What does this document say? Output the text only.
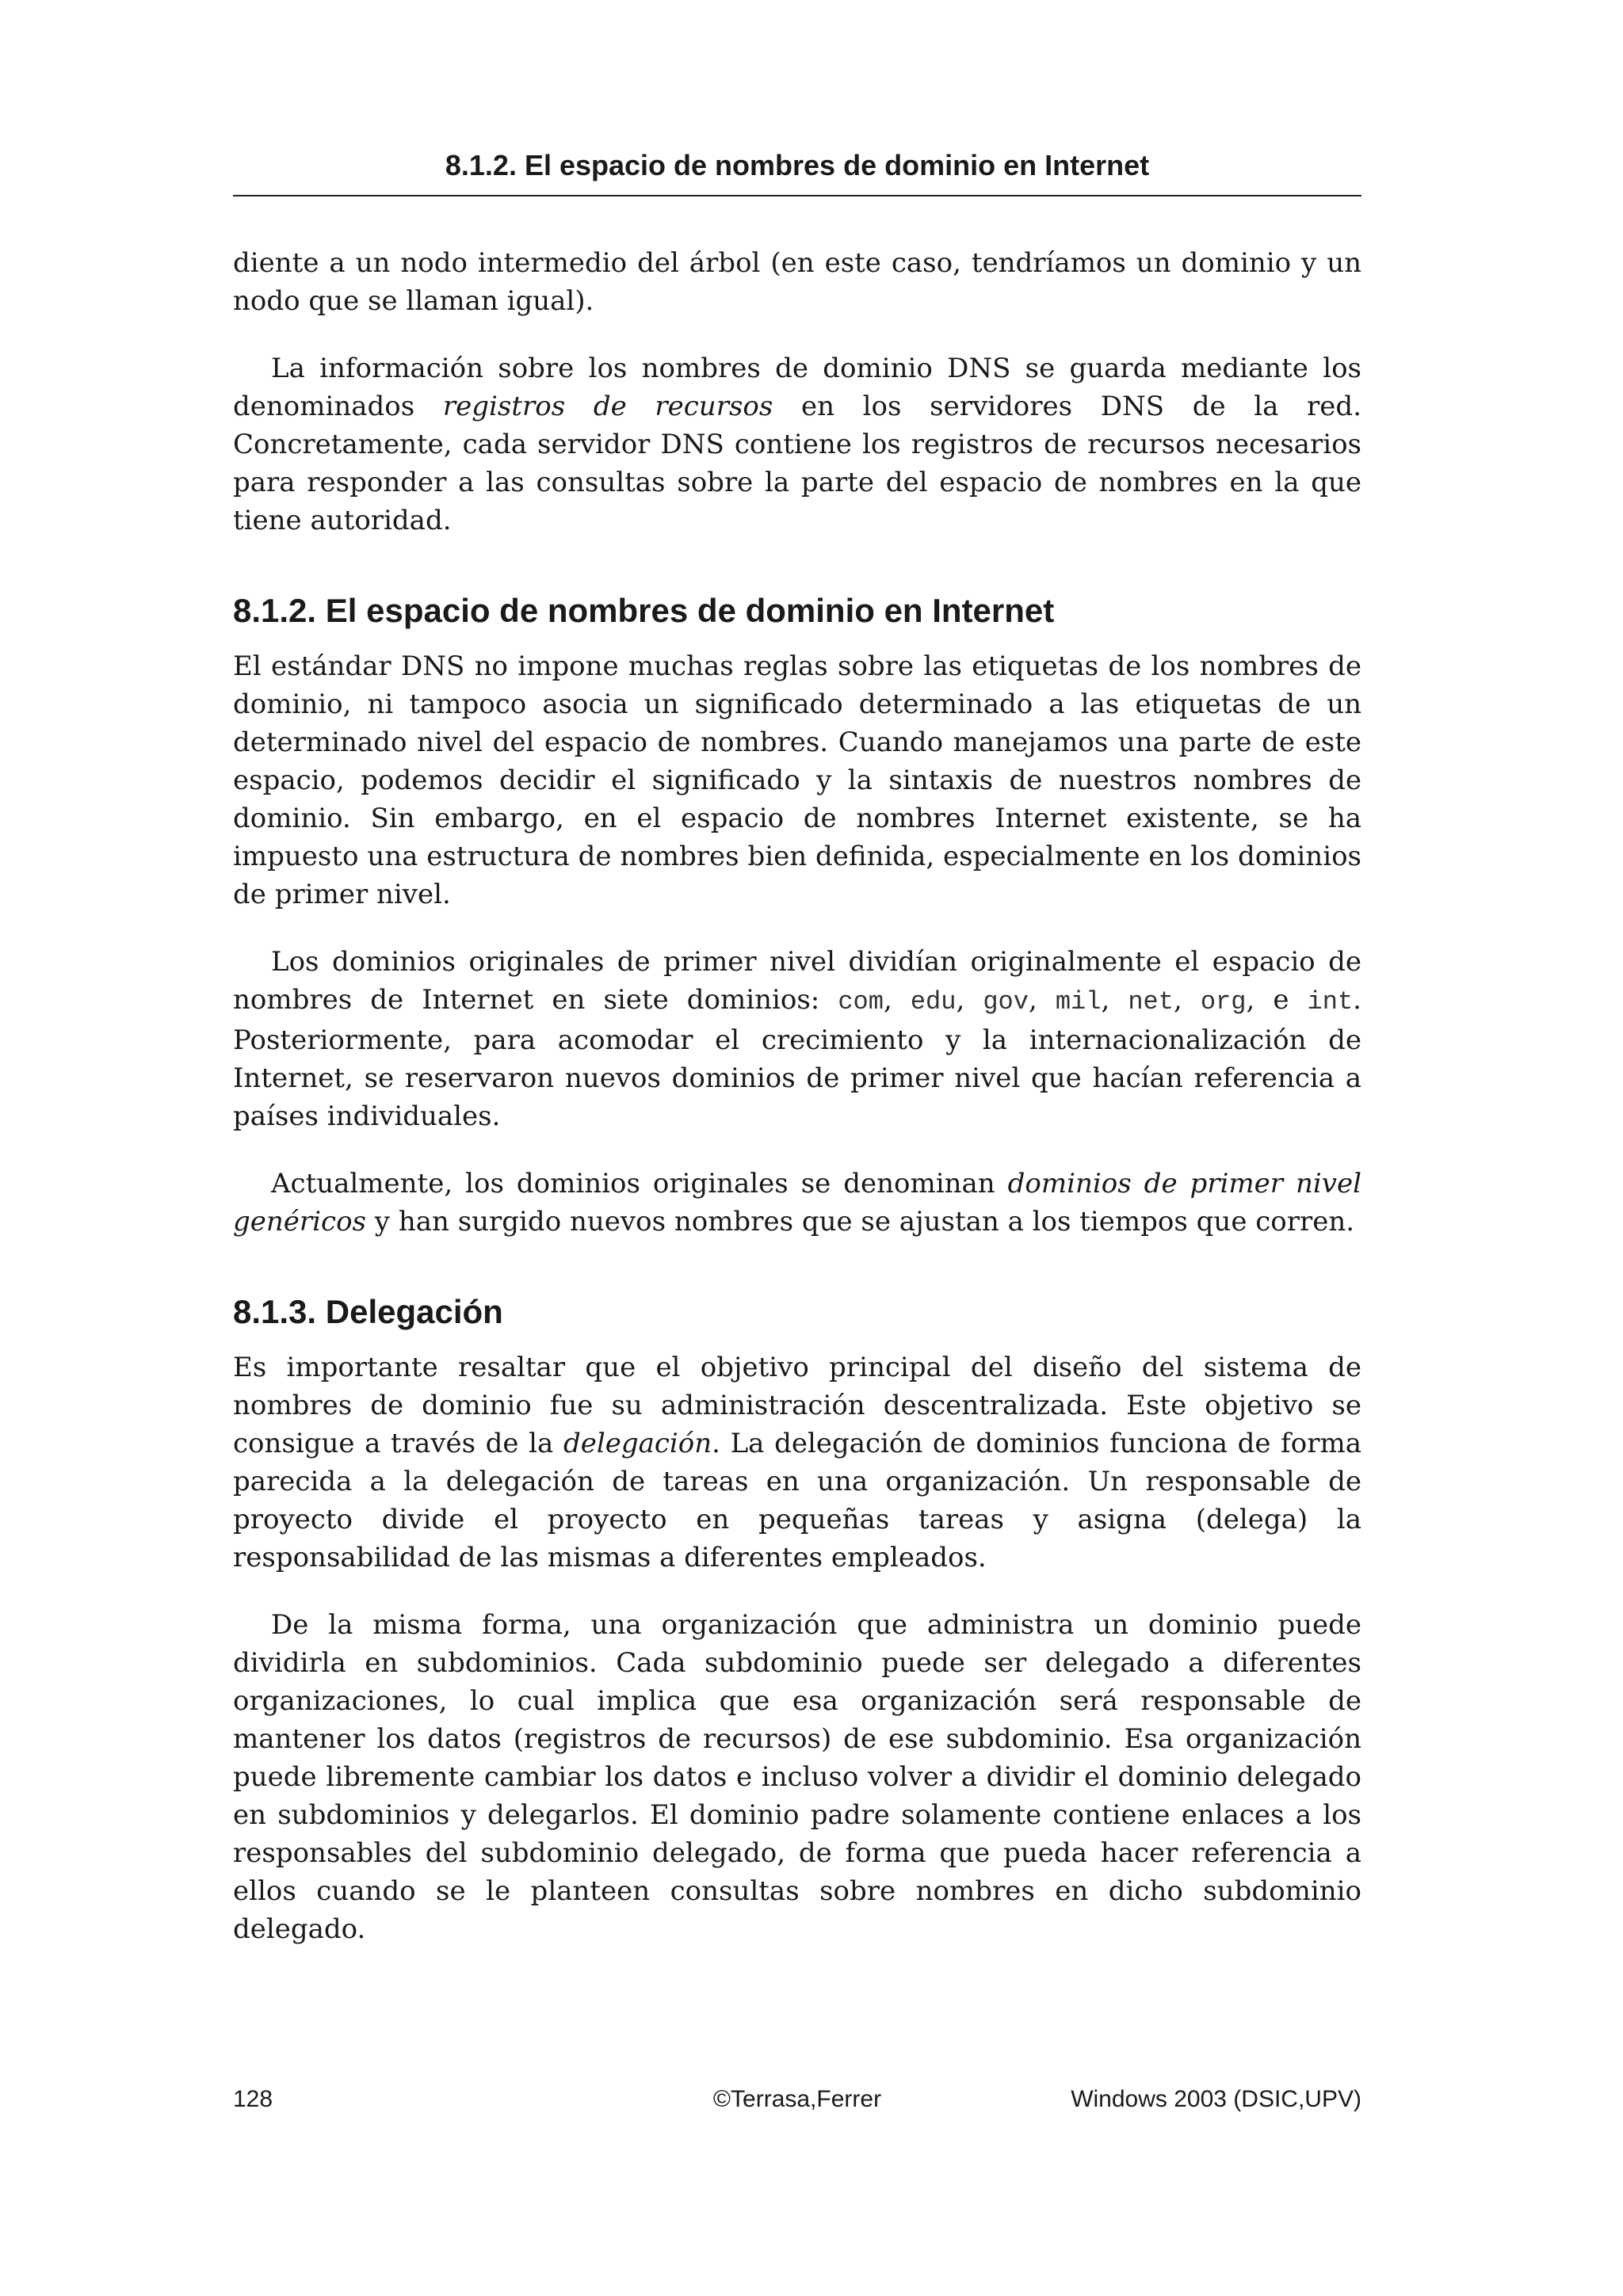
8.1.2. El espacio de nombres de dominio en Internet

diente a un nodo intermedio del árbol (en este caso, tendríamos un dominio y un nodo que se llaman igual).

La información sobre los nombres de dominio DNS se guarda mediante los denominados registros de recursos en los servidores DNS de la red. Concretamente, cada servidor DNS contiene los registros de recursos necesarios para responder a las consultas sobre la parte del espacio de nombres en la que tiene autoridad.

8.1.2. El espacio de nombres de dominio en Internet

El estándar DNS no impone muchas reglas sobre las etiquetas de los nombres de dominio, ni tampoco asocia un significado determinado a las etiquetas de un determinado nivel del espacio de nombres. Cuando manejamos una parte de este espacio, podemos decidir el significado y la sintaxis de nuestros nombres de dominio. Sin embargo, en el espacio de nombres Internet existente, se ha impuesto una estructura de nombres bien definida, especialmente en los dominios de primer nivel.

Los dominios originales de primer nivel dividían originalmente el espacio de nombres de Internet en siete dominios: com, edu, gov, mil, net, org, e int. Posteriormente, para acomodar el crecimiento y la internacionalización de Internet, se reservaron nuevos dominios de primer nivel que hacían referencia a países individuales.

Actualmente, los dominios originales se denominan dominios de primer nivel genéricos y han surgido nuevos nombres que se ajustan a los tiempos que corren.

8.1.3. Delegación

Es importante resaltar que el objetivo principal del diseño del sistema de nombres de dominio fue su administración descentralizada. Este objetivo se consigue a través de la delegación. La delegación de dominios funciona de forma parecida a la delegación de tareas en una organización. Un responsable de proyecto divide el proyecto en pequeñas tareas y asigna (delega) la responsabilidad de las mismas a diferentes empleados.

De la misma forma, una organización que administra un dominio puede dividirla en subdominios. Cada subdominio puede ser delegado a diferentes organizaciones, lo cual implica que esa organización será responsable de mantener los datos (registros de recursos) de ese subdominio. Esa organización puede libremente cambiar los datos e incluso volver a dividir el dominio delegado en subdominios y delegarlos. El dominio padre solamente contiene enlaces a los responsables del subdominio delegado, de forma que pueda hacer referencia a ellos cuando se le planteen consultas sobre nombres en dicho subdominio delegado.

128	©Terrasa,Ferrer	Windows 2003 (DSIC,UPV)
